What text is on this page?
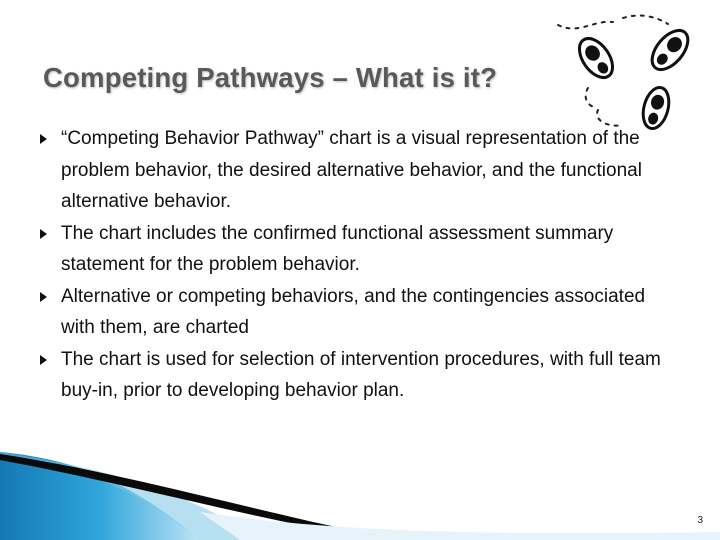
Competing Pathways – What is it?
“Competing Behavior Pathway” chart is a visual representation of the problem behavior, the desired alternative behavior, and the functional alternative behavior.
The chart includes the confirmed functional assessment summary statement for the problem behavior.
Alternative or competing behaviors, and the contingencies associated with them, are charted
The chart is used for selection of intervention procedures, with full team buy-in, prior to developing behavior plan.
3
